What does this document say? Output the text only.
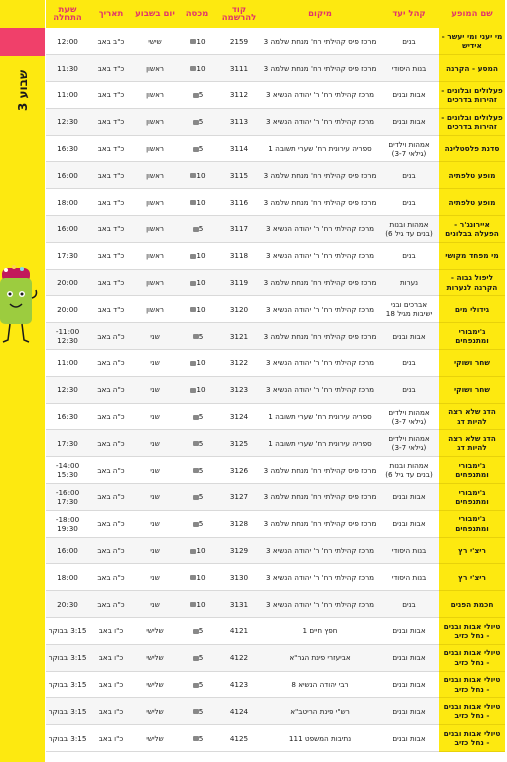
שבוע 3
שם המופע	קהל יעד	מיקום	קוד להרשמה	מכסה	יום בשבוע	תאריך	שעת התחלה
מי יעני ומי יעשר - אידיש	בנים	מרכז פיס קהילתי רח' מנחת שלמה 3	2159	10	שישי	כ"ב באב	12:00
המסע - הקרנה	בנות היסודי	מרכז פיס קהילתי רח' מנחת שלמה 3	3111	10	ראשון	כ"ד באב	11:30
פעלולים ובלונים - זהירות בדרכים	אבות ובנים	מרכז קהילתי רח' ר' יהודה הנשיא 3	3112	5	ראשון	כ"ד באב	11:00
פעלולים ובלונים - זהירות בדרכים	אבות ובנים	מרכז קהילתי רח' ר' יהודה הנשיא 3	3113	5	ראשון	כ"ד באב	12:30
סדנת פלסטלינה	אמהות וילדים (גילאי 3-7)	ספריה עירונית רח' שערי תשובה 1	3114	5	ראשון	כ"ד באב	16:30
מופע טלפתיה	בנים	מרכז פיס קהילתי רח' מנחת שלמה 3	3115	10	ראשון	כ"ד באב	16:00
מופע טלפתיה	בנים	מרכז פיס קהילתי רח' מנחת שלמה 3	3116	10	ראשון	כ"ד באב	18:00
איירונג'ר - הפעלה בבלונים	אמהות ובנות (בנים עד גיל 6)	מרכז קהילתי רח' ר' יהודה הנשיא 3	3117	5	ראשון	כ"ד באב	16:00
מי מפחד מקושי	בנים	מרכז קהילתי רח' ר' יהודה הנשיא 3	3118	10	ראשון	כ"ד באב	17:30
ליפול גבוה - הקרנה לנערות	נערות	מרכז פיס קהילתי רח' מנחת שלמה 3	3119	10	ראשון	כ"ד באב	20:00
גידולי מים	אברכים ובני ישיבות מגיל 18	מרכז קהילתי רח' ר' יהודה הנשיא 3	3120	10	ראשון	כ"ד באב	20:00
ג'ימבורי ומתנפחים	אבות ובנים	מרכז פיס קהילתי רח' מנחת שלמה 3	3121	5	שני	כ"ה באב	11:00- 12:30
שחר ושוקי	בנים	מרכז קהילתי רח' ר' יהודה הנשיא 3	3122	10	שני	כ"ה באב	11:00
שחר ושוקי	בנים	מרכז קהילתי רח' ר' יהודה הנשיא 3	3123	10	שני	כ"ה באב	12:30
הדג שלא רצה להיות דג	אמהות וילדים (גילאי 3-7)	ספריה עירונית רח' שערי תשובה 1	3124	5	שני	כ"ה באב	16:30
הדג שלא רצה להיות דג	אמהות וילדים (גילאי 3-7)	ספריה עירונית רח' שערי תשובה 1	3125	5	שני	כ"ה באב	17:30
ג'ימבורי ומתנפחים	אמהות ובנות (בנים עד גיל 6)	מרכז פיס קהילתי רח' מנחת שלמה 3	3126	5	שני	כ"ה באב	14:00- 15:30
ג'ימבורי ומתנפחים	אבות ובנים	מרכז פיס קהילתי רח' מנחת שלמה 3	3127	5	שני	כ"ה באב	16:00- 17:30
ג'ימבורי ומתנפחים	אבות ובנים	מרכז פיס קהילתי רח' מנחת שלמה 3	3128	5	שני	כ"ה באב	18:00- 19:30
ריצ'י רץ	בנות היסודי	מרכז קהילתי רח' ר' יהודה הנשיא 3	3129	10	שני	כ"ה באב	16:00
ריצ'י רץ	בנות היסודי	מרכז קהילתי רח' ר' יהודה הנשיא 3	3130	10	שני	כ"ה באב	18:00
חכמת הפנים	בנים	מרכז קהילתי רח' ר' יהודה הנשיא 3	3131	10	שני	כ"ה באב	20:30
טיולי אבות ובנים - נחל כזיב	אבות ובנים	חפץ חיים 1	4121	5	שלישי	כ"ו באב	3:15 בבוקר
טיולי אבות ובנים - נחל כזיב	אבות ובנים	אביעזרי פינת הגר"א	4122	5	שלישי	כ"ו באב	3:15 בבוקר
טיולי אבות ובנים - נחל כזיב	אבות ובנים	רבי יהודה הנשיא 8	4123	5	שלישי	כ"ו באב	3:15 בבוקר
טיולי אבות ובנים - נחל כזיב	אבות ובנים	רש"י פינת הריטב"א	4124	5	שלישי	כ"ו באב	3:15 בבוקר
טיולי אבות ובנים - נחל כזיב	אבות ובנים	נתיבות המשפט 111	4125	5	שלישי	כ"ו באב	3:15 בבוקר
